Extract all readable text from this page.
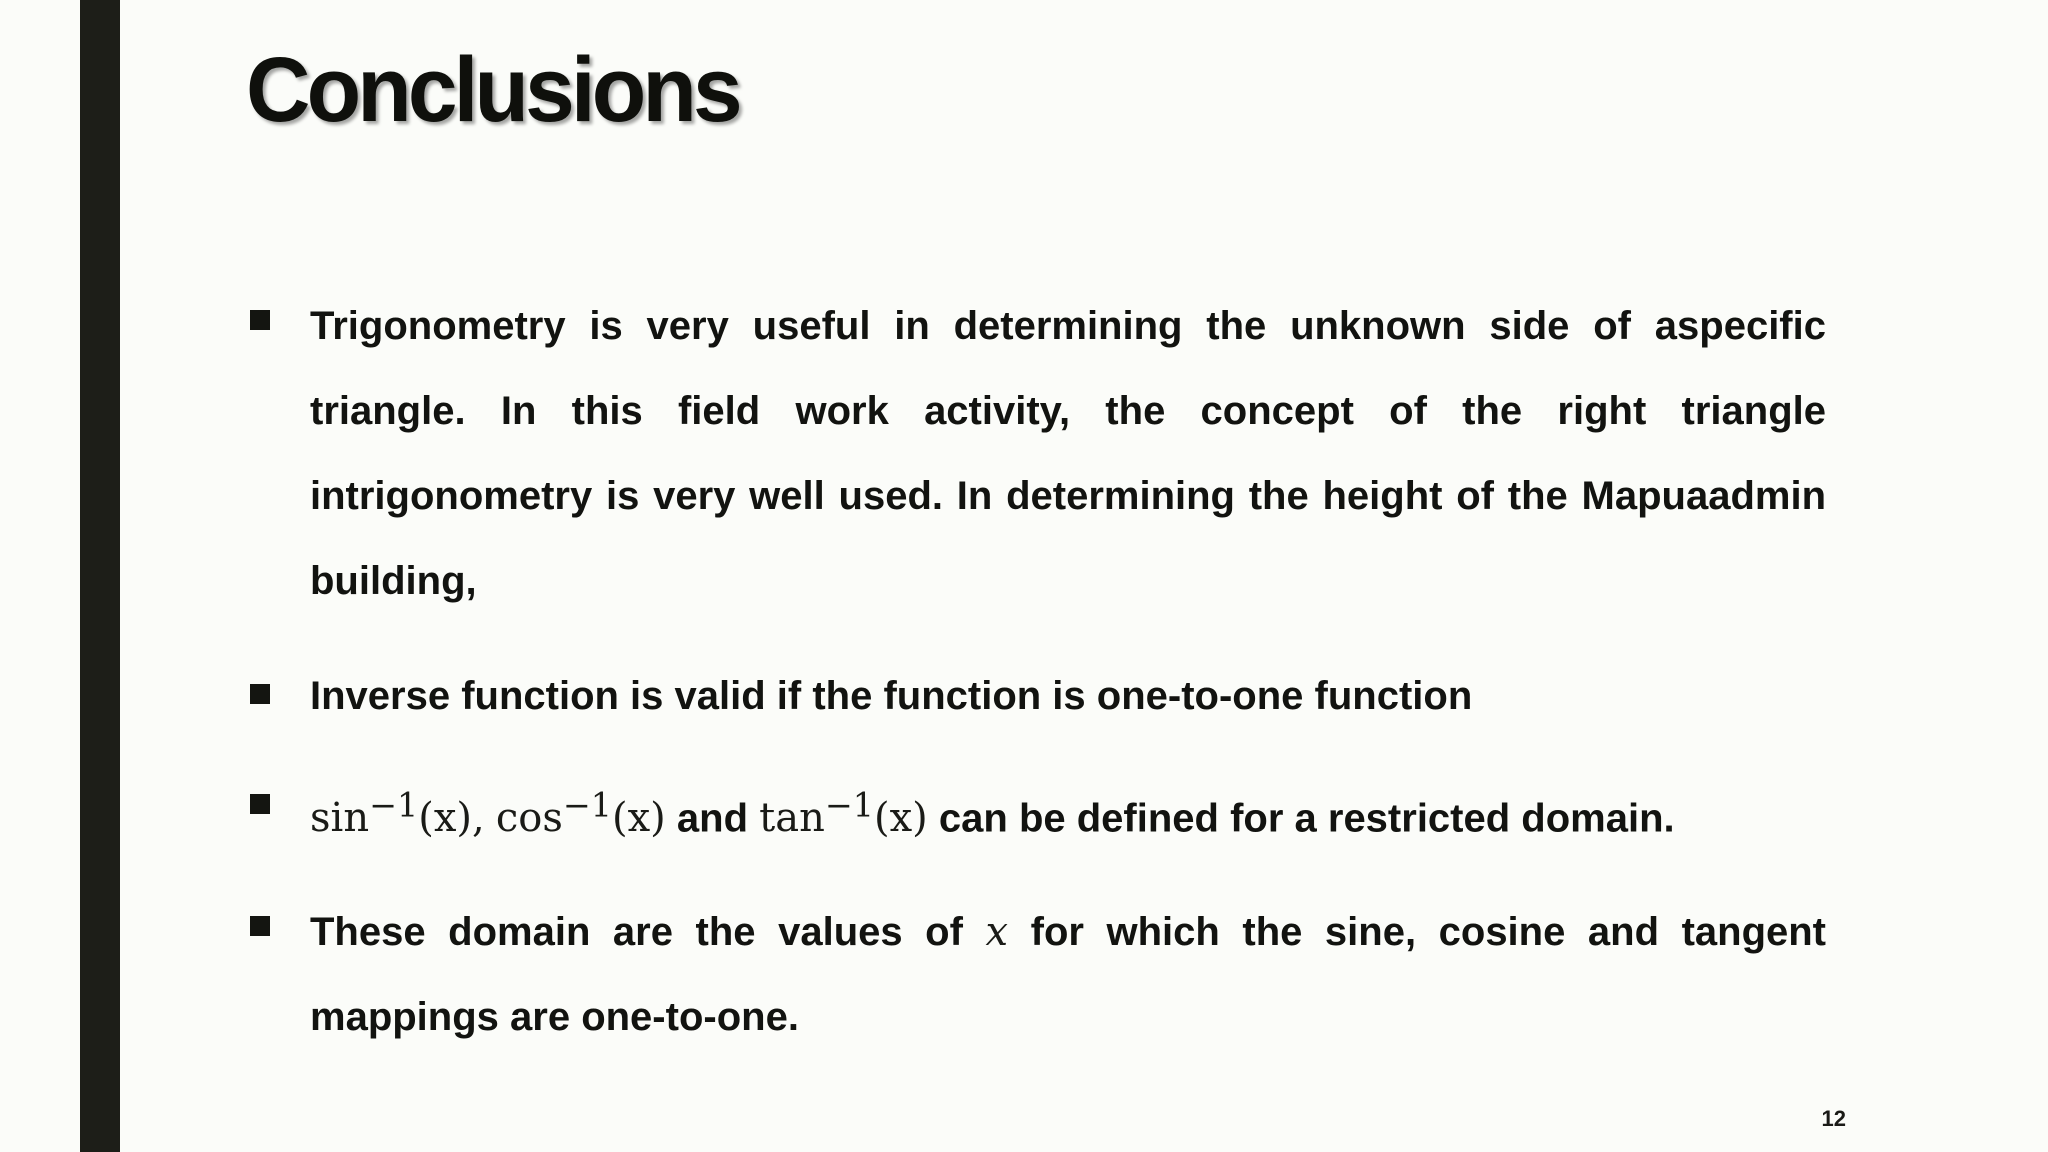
Conclusions
Trigonometry is very useful in determining the unknown side of aspecific triangle. In this field work activity, the concept of the right triangle intrigonometry is very well used. In determining the height of the Mapuaadmin building,
Inverse function is valid if the function is one-to-one function
$\sin^{-1}(x)$, $\cos^{-1}(x)$ and $\tan^{-1}(x)$ can be defined for a restricted domain.
These domain are the values of x for which the sine, cosine and tangent mappings are one-to-one.
12
